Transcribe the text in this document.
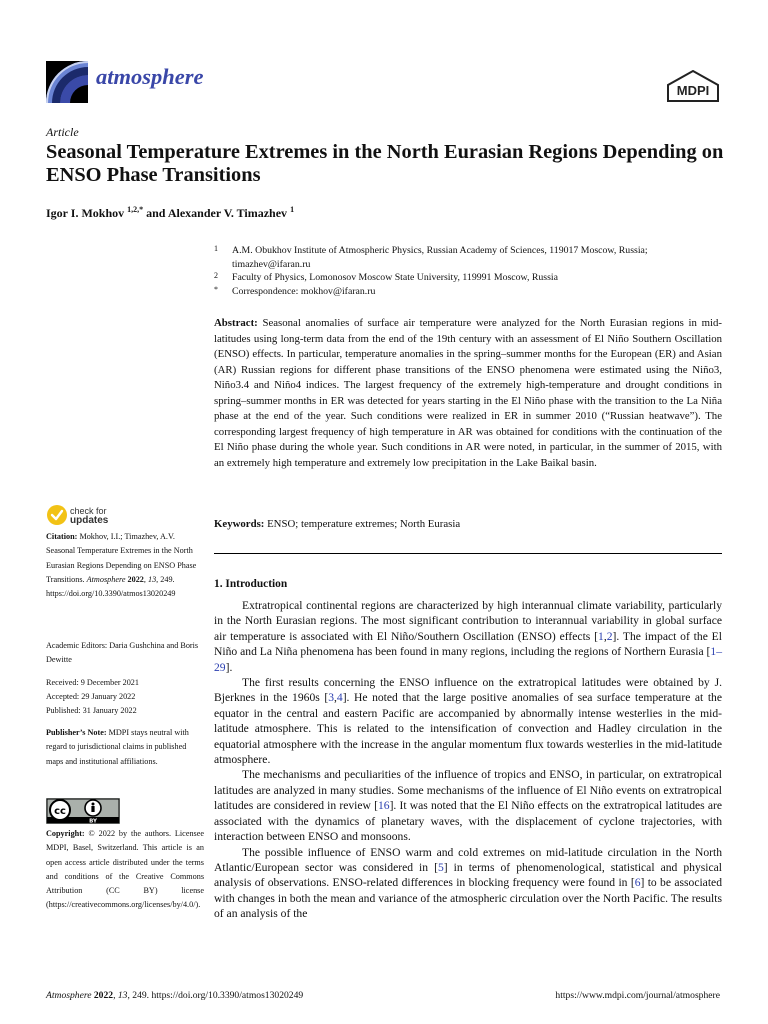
atmosphere
MDPI
Article
Seasonal Temperature Extremes in the North Eurasian Regions Depending on ENSO Phase Transitions
Igor I. Mokhov $^{1,2,*}$ and Alexander V. Timazhev $^1$
1 A.M. Obukhov Institute of Atmospheric Physics, Russian Academy of Sciences, 119017 Moscow, Russia; timazhev@ifaran.ru
2 Faculty of Physics, Lomonosov Moscow State University, 119991 Moscow, Russia
* Correspondence: mokhov@ifaran.ru
Abstract: Seasonal anomalies of surface air temperature were analyzed for the North Eurasian regions in mid-latitudes using long-term data from the end of the 19th century with an assessment of El Niño Southern Oscillation (ENSO) effects. In particular, temperature anomalies in the spring–summer months for the European (ER) and Asian (AR) Russian regions for different phase transitions of the ENSO phenomena were estimated using the Niño3, Niño3.4 and Niño4 indices. The largest frequency of the extremely high-temperature and drought conditions in spring–summer months in ER was detected for years starting in the El Niño phase with the transition to the La Niña phase at the end of the year. Such conditions were realized in ER in summer 2010 (“Russian heatwave”). The corresponding largest frequency of high temperature in AR was obtained for conditions with the continuation of the El Niño phase during the whole year. Such conditions in AR were noted, in particular, in the summer of 2015, with an extremely high temperature and extremely low precipitation in the Lake Baikal basin.
Keywords: ENSO; temperature extremes; North Eurasia
1. Introduction

Extratropical continental regions are characterized by high interannual climate variability, particularly in the North Eurasian regions. The most significant contribution to interannual variability in global surface air temperature is associated with El Niño/Southern Oscillation (ENSO) effects [1,2]. The impact of the El Niño and La Niña phenomena has been found in many regions, including the regions of Northern Eurasia [1–29].

The first results concerning the ENSO influence on the extratropical latitudes were obtained by J. Bjerknes in the 1960s [3,4]. He noted that the large positive anomalies of sea surface temperature at the equator in the central and eastern Pacific are accompanied by abnormally intense westerlies in the mid-latitude atmosphere. This is related to the intensification of convection and Hadley circulation in the equatorial atmosphere with the increase in the angular momentum flux towards westerlies in the mid-latitude atmosphere.

The mechanisms and peculiarities of the influence of tropics and ENSO, in particular, on extratropical latitudes are analyzed in many studies. Some mechanisms of the influence of El Niño events on extratropical latitudes are considered in review [16]. It was noted that the El Niño effects on the extratropical latitudes are associated with the dynamics of planetary waves, with the displacement of cyclone trajectories, with interaction between ENSO and monsoons.

The possible influence of ENSO warm and cold extremes on mid-latitude circulation in the North Atlantic/European sector was considered in [5] in terms of phenomenological, statistical and physical analysis of observations. ENSO-related differences in blocking frequency were found in [6] to be associated with changes in both the mean and variance of the atmospheric circulation over the North Pacific. The results of an analysis of the

check for
updates
Citation: Mokhov, I.I.; Timazhev, A.V. Seasonal Temperature Extremes in the North Eurasian Regions Depending on ENSO Phase Transitions. Atmosphere 2022, 13, 249. https://doi.org/10.3390/atmos13020249
Academic Editors: Daria Gushchina and Boris Dewitte
Received: 9 December 2021
Accepted: 29 January 2022
Published: 31 January 2022
Publisher’s Note: MDPI stays neutral with regard to jurisdictional claims in published maps and institutional affiliations.
cc
BY
Copyright: © 2022 by the authors. Licensee MDPI, Basel, Switzerland. This article is an open access article distributed under the terms and conditions of the Creative Commons Attribution (CC BY) license (https://creativecommons.org/licenses/by/4.0/).
Atmosphere 2022, 13, 249. https://doi.org/10.3390/atmos13020249	https://www.mdpi.com/journal/atmosphere
